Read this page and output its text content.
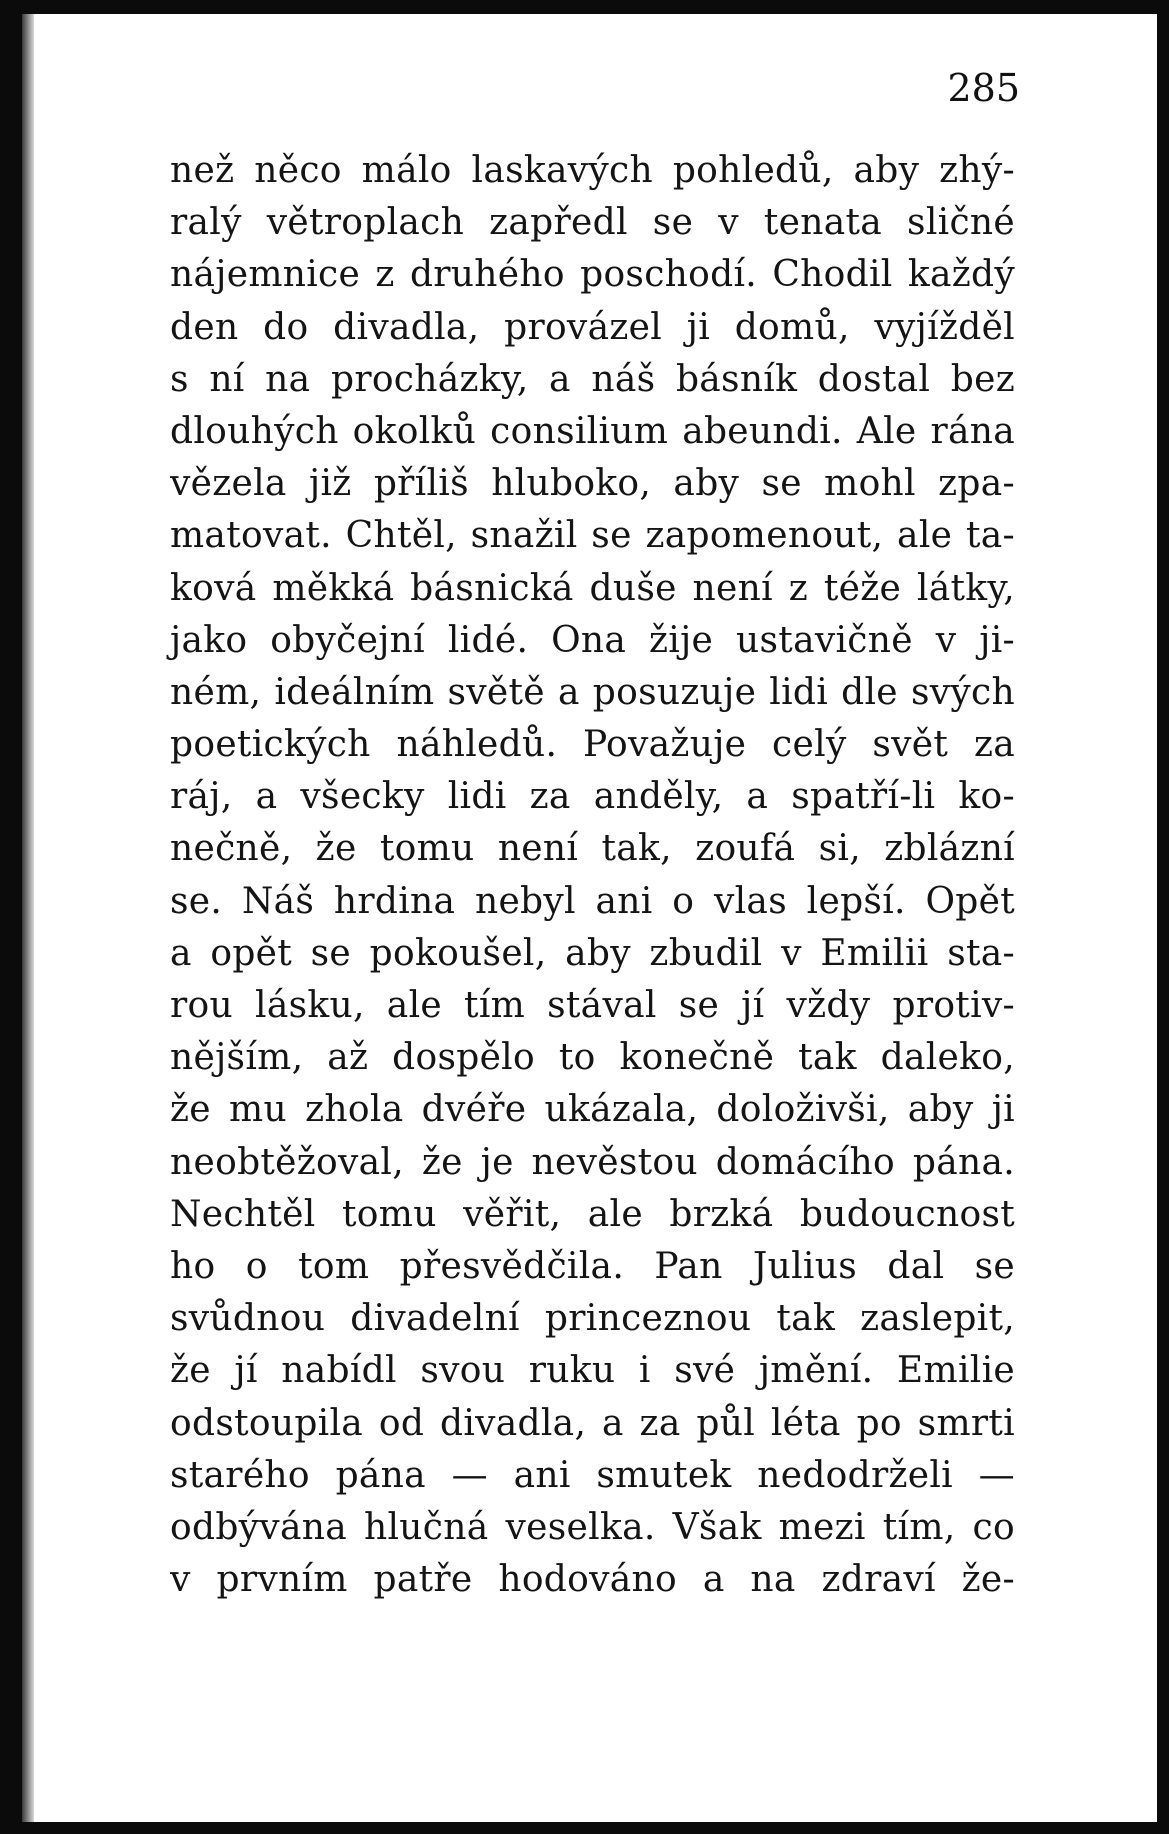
285
než něco málo laskavých pohledů, aby zhý-
ralý větroplach zapředl se v tenata sličné
nájemnice z druhého poschodí. Chodil každý
den do divadla, provázel ji domů, vyjížděl
s ní na procházky, a náš básník dostal bez
dlouhých okolků consilium abeundi. Ale rána
vězela již příliš hluboko, aby se mohl zpa-
matovat. Chtěl, snažil se zapomenout, ale ta-
ková měkká básnická duše není z téže látky,
jako obyčejní lidé. Ona žije ustavičně v ji-
ném, ideálním světě a posuzuje lidi dle svých
poetických náhledů. Považuje celý svět za
ráj, a všecky lidi za anděly, a spatří-li ko-
nečně, že tomu není tak, zoufá si, zblázní
se. Náš hrdina nebyl ani o vlas lepší. Opět
a opět se pokoušel, aby zbudil v Emilii sta-
rou lásku, ale tím stával se jí vždy protiv-
nějším, až dospělo to konečně tak daleko,
že mu zhola dvéře ukázala, doloživši, aby ji
neobtěžoval, že je nevěstou domácího pána.
Nechtěl tomu věřit, ale brzká budoucnost
ho o tom přesvědčila. Pan Julius dal se
svůdnou divadelní princeznou tak zaslepit,
že jí nabídl svou ruku i své jmění. Emilie
odstoupila od divadla, a za půl léta po smrti
starého pána — ani smutek nedodrželi —
odbývána hlučná veselka. Však mezi tím, co
v prvním patře hodováno a na zdraví že-
